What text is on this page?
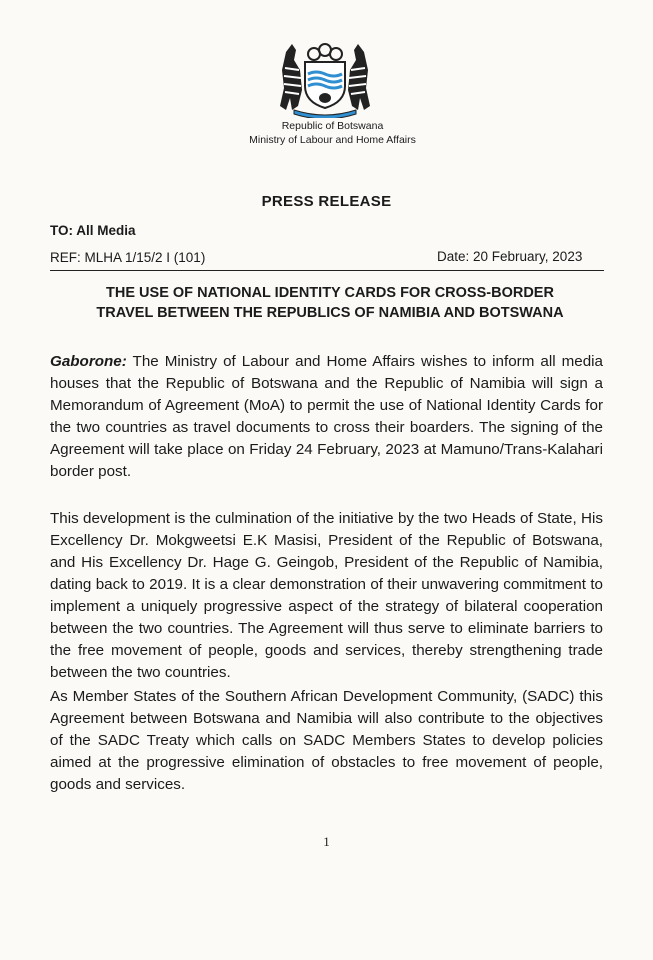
Republic of Botswana
Ministry of Labour and Home Affairs
PRESS RELEASE
TO: All Media
REF: MLHA 1/15/2 I (101)	Date: 20 February, 2023
THE USE OF NATIONAL IDENTITY CARDS FOR CROSS-BORDER
TRAVEL BETWEEN THE REPUBLICS OF NAMIBIA AND BOTSWANA
Gaborone: The Ministry of Labour and Home Affairs wishes to inform all media houses that the Republic of Botswana and the Republic of Namibia will sign a Memorandum of Agreement (MoA) to permit the use of National Identity Cards for the two countries as travel documents to cross their boarders. The signing of the Agreement will take place on Friday 24 February, 2023 at Mamuno/Trans-Kalahari border post.
This development is the culmination of the initiative by the two Heads of State, His Excellency Dr. Mokgweetsi E.K Masisi, President of the Republic of Botswana, and His Excellency Dr. Hage G. Geingob, President of the Republic of Namibia, dating back to 2019. It is a clear demonstration of their unwavering commitment to implement a uniquely progressive aspect of the strategy of bilateral cooperation between the two countries. The Agreement will thus serve to eliminate barriers to the free movement of people, goods and services, thereby strengthening trade between the two countries.
As Member States of the Southern African Development Community, (SADC) this Agreement between Botswana and Namibia will also contribute to the objectives of the SADC Treaty which calls on SADC Members States to develop policies aimed at the progressive elimination of obstacles to free movement of people, goods and services.
1
